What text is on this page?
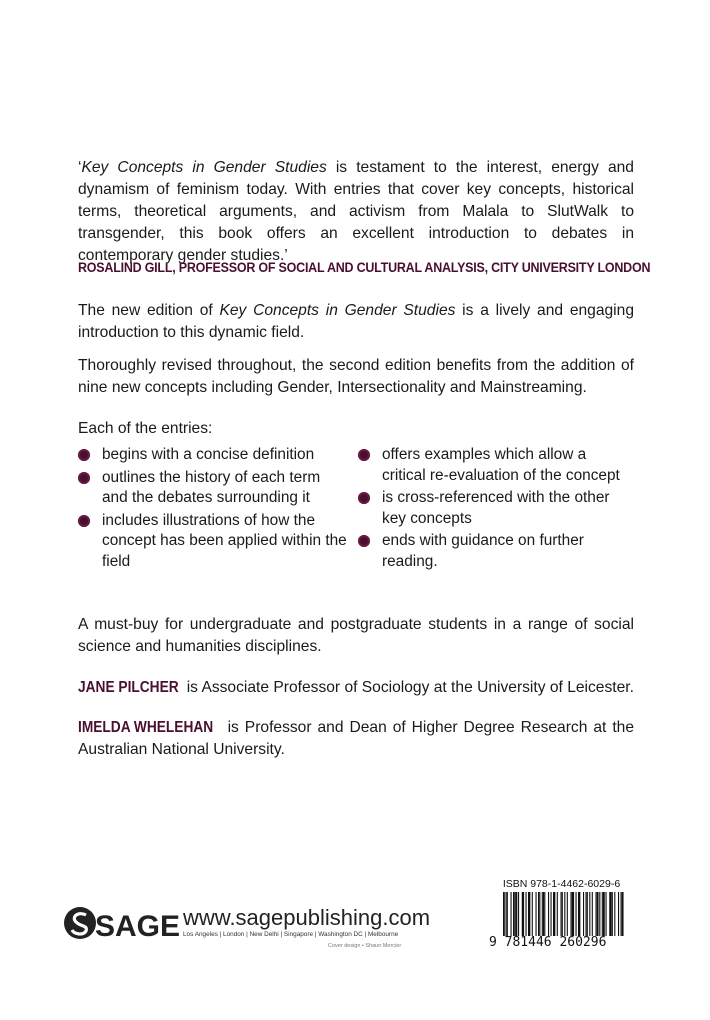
‘Key Concepts in Gender Studies is testament to the interest, energy and dynamism of feminism today. With entries that cover key concepts, historical terms, theoretical arguments, and activism from Malala to SlutWalk to transgender, this book offers an excellent introduction to debates in contemporary gender studies.’
ROSALIND GILL, PROFESSOR OF SOCIAL AND CULTURAL ANALYSIS, CITY UNIVERSITY LONDON
The new edition of Key Concepts in Gender Studies is a lively and engaging introduction to this dynamic field.
Thoroughly revised throughout, the second edition benefits from the addition of nine new concepts including Gender, Intersectionality and Mainstreaming.
Each of the entries:
begins with a concise definition
outlines the history of each term and the debates surrounding it
includes illustrations of how the concept has been applied within the field
offers examples which allow a critical re-evaluation of the concept
is cross-referenced with the other key concepts
ends with guidance on further reading.
A must-buy for undergraduate and postgraduate students in a range of social science and humanities disciplines.
JANE PILCHER is Associate Professor of Sociology at the University of Leicester.
IMELDA WHELEHAN is Professor and Dean of Higher Degree Research at the Australian National University.
SAGE www.sagepublishing.com
Los Angeles | London | New Delhi | Singapore | Washington DC | Melbourne
Cover design • Shaun Mercier
ISBN 978-1-4462-6029-6
9 781446 260296
